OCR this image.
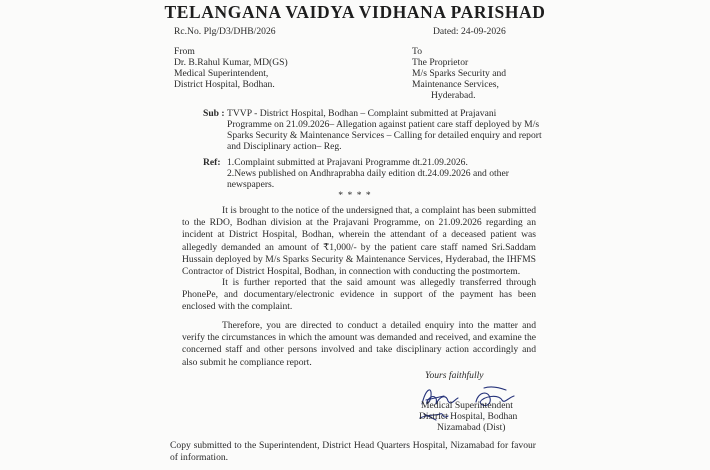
TELANGANA VAIDYA VIDHANA PARISHAD
Rc.No. Plg/D3/DHB/2026	Dated: 24-09-2026
From
Dr. B.Rahul Kumar, MD(GS)
Medical Superintendent,
District Hospital, Bodhan.
To
The Proprietor
M/s Sparks Security and
Maintenance Services,
Hyderabad.
Sub : TVVP - District Hospital, Bodhan – Complaint submitted at Prajavani
Programme on 21.09.2026– Allegation against patient care staff deployed by M/s
Sparks Security & Maintenance Services – Calling for detailed enquiry and report
and Disciplinary action– Reg.
Ref: 1.Complaint submitted at Prajavani Programme dt.21.09.2026.
2.News published on Andhraprabha daily edition dt.24.09.2026 and other
newspapers.
* * * *
It is brought to the notice of the undersigned that, a complaint has been submitted to the RDO, Bodhan division at the Prajavani Programme, on 21.09.2026 regarding an incident at District Hospital, Bodhan, wherein the attendant of a deceased patient was allegedly demanded an amount of ₹1,000/- by the patient care staff named Sri.Saddam Hussain deployed by M/s Sparks Security & Maintenance Services, Hyderabad, the IHFMS Contractor of District Hospital, Bodhan, in connection with conducting the postmortem.
It is further reported that the said amount was allegedly transferred through PhonePe, and documentary/electronic evidence in support of the payment has been enclosed with the complaint.
Therefore, you are directed to conduct a detailed enquiry into the matter and verify the circumstances in which the amount was demanded and received, and examine the concerned staff and other persons involved and take disciplinary action accordingly and also submit he compliance report.
Yours faithfully
Medical Superintendent
District Hospital, Bodhan
Nizamabad (Dist)
Copy submitted to the Superintendent, District Head Quarters Hospital, Nizamabad for favour of information.
